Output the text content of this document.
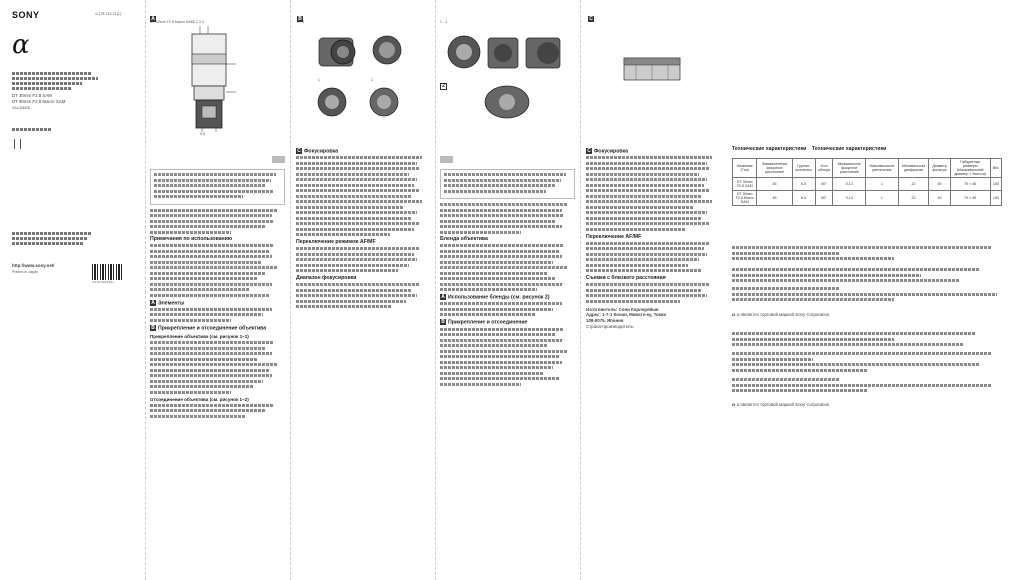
SONY
α
4-179-743-21(1)
DT 30mm F2.8 SAM
DT 30mm F2.8 Macro SAM
SAL30M28
http://www.sony.net/
Printed in Japan
4-179-743-21(1)
A
DT 30mm F2.8 Macro SAM 1 2 3 4
5 6
B
1 - 1
1	2
1 - 2
2
C

Примечания по использованию
A Элементы
B Прикрепление и отсоединение объектива
Прикрепление объектива (см. рисунок 1–1)
Отсоединение объектива (см. рисунок 1–2)
C Фокусировка
Переключение режимов AF/MF
Диапазон фокусировки

Бленда объектива
A Использование бленды (см. рисунок 2)
B Прикрепление и отсоединение
C Фокусировка
Переключение AF/MF
Съемка с близкого расстояния
Изготовитель: Сони Корпорейшн
Адрес: 1-7-1 Конан, Минато-ку, Токио 108-0075, Япония
Страна-производитель:
Технические характеристики Технические характеристики
Название (Тип)	Эквивалентное фокусное расстояние	Группы-элементы	Угол обзора	Минимальное фокусное расстояние	Максимальное увеличение	Минимальная диафрагма	Диаметр фильтра	Габаритные размеры (Максимальный диаметр × Высота)	Вес
DT 30mm F2.8 SAM	45	6-5	50°	0,13	1	22	49	70 × 45	150
DT 30mm F2.8 Macro SAM	45	6-5	50°	0,13	1	22	49	70 × 45	150
α α является торговой маркой Sony Corporation
α α является торговой маркой Sony Corporation
